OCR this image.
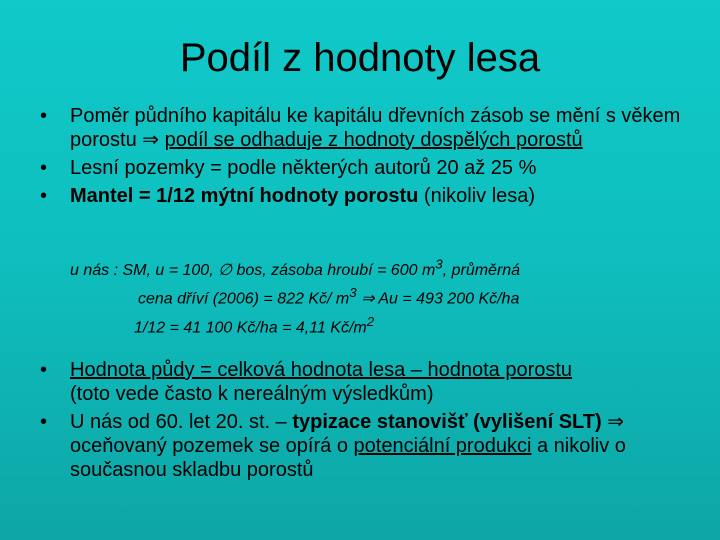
Podíl z hodnoty lesa
•	Poměr půdního kapitálu ke kapitálu dřevních zásob se mění s věkem porostu ⇒ podíl se odhaduje z hodnoty dospělých porostů
•	Lesní pozemky = podle některých autorů 20 až 25 %
•	Mantel = 1/12 mýtní hodnoty porostu (nikoliv lesa)
u nás : SM, u = 100, ∅ bos, zásoba hroubí = 600 $m^3$, průměrná
cena dříví (2006) = 822 Kč/ $m^3$ ⇒ Au = 493 200 Kč/ha
1/12 = 41 100 Kč/ha = 4,11 $Kč/m^2$
•	Hodnota půdy = celková hodnota lesa – hodnota porostu
(toto vede často k nereálným výsledkům)
•	U nás od 60. let 20. st. – typizace stanovišť (vylišení SLT) ⇒ oceňovaný pozemek se opírá o potenciální produkci a nikoliv o současnou skladbu porostů
